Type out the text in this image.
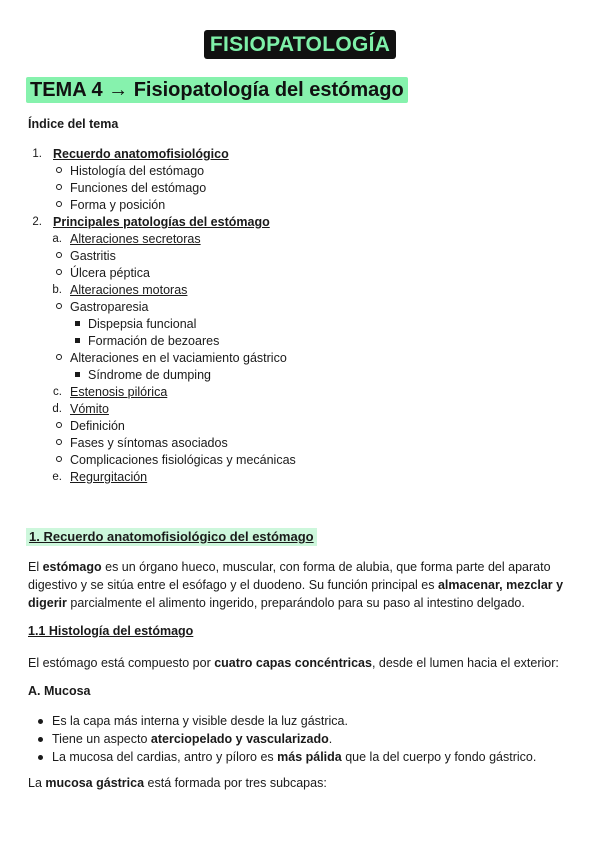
FISIOPATOLOGÍA
TEMA 4 → Fisiopatología del estómago
Índice del tema
1. Recuerdo anatomofisiológico
Histología del estómago
Funciones del estómago
Forma y posición
2. Principales patologías del estómago
a. Alteraciones secretoras
Gastritis
Úlcera péptica
b. Alteraciones motoras
Gastroparesia
Dispepsia funcional
Formación de bezoares
Alteraciones en el vaciamiento gástrico
Síndrome de dumping
c. Estenosis pilórica
d. Vómito
Definición
Fases y síntomas asociados
Complicaciones fisiológicas y mecánicas
e. Regurgitación
1. Recuerdo anatomofisiológico del estómago

El estómago es un órgano hueco, muscular, con forma de alubia, que forma parte del aparato digestivo y se sitúa entre el esófago y el duodeno. Su función principal es almacenar, mezclar y digerir parcialmente el alimento ingerido, preparándolo para su paso al intestino delgado.

1.1 Histología del estómago

El estómago está compuesto por cuatro capas concéntricas, desde el lumen hacia el exterior:

A. Mucosa
Es la capa más interna y visible desde la luz gástrica.
Tiene un aspecto aterciopelado y vascularizado.
La mucosa del cardias, antro y píloro es más pálida que la del cuerpo y fondo gástrico.

La mucosa gástrica está formada por tres subcapas:
